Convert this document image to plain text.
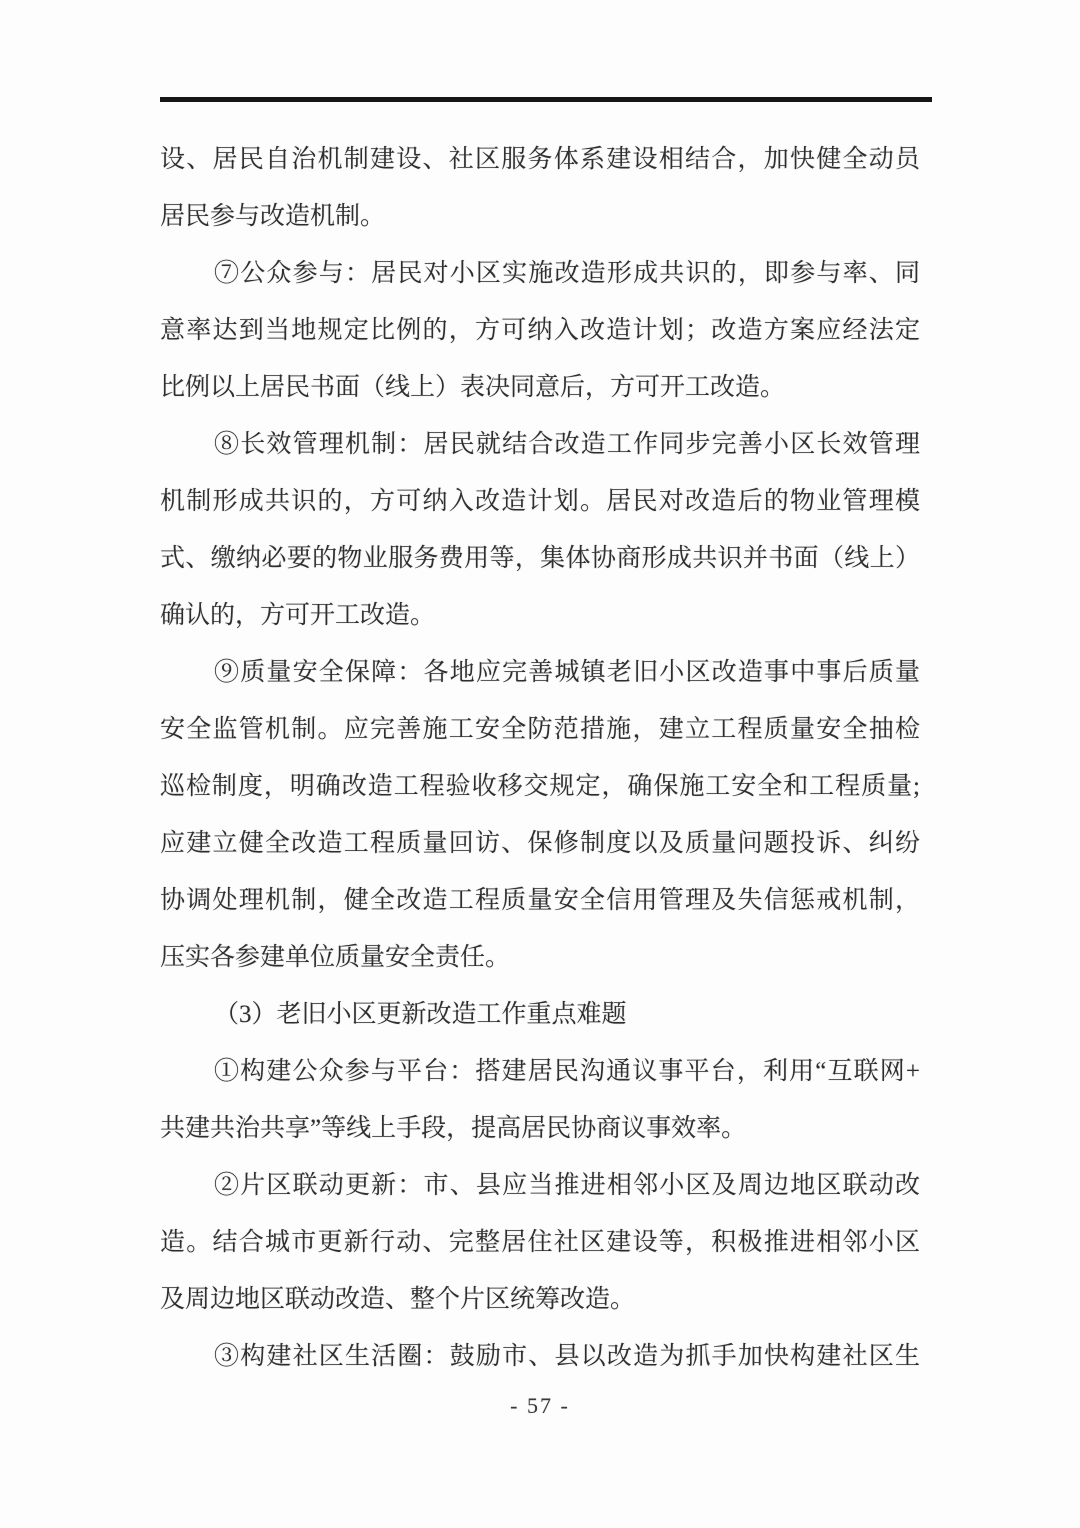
设、居民自治机制建设、社区服务体系建设相结合，加快健全动员
居民参与改造机制。
⑦公众参与：居民对小区实施改造形成共识的，即参与率、同
意率达到当地规定比例的，方可纳入改造计划；改造方案应经法定
比例以上居民书面（线上）表决同意后，方可开工改造。
⑧长效管理机制：居民就结合改造工作同步完善小区长效管理
机制形成共识的，方可纳入改造计划。居民对改造后的物业管理模
式、缴纳必要的物业服务费用等，集体协商形成共识并书面（线上）
确认的，方可开工改造。
⑨质量安全保障：各地应完善城镇老旧小区改造事中事后质量
安全监管机制。应完善施工安全防范措施，建立工程质量安全抽检
巡检制度，明确改造工程验收移交规定，确保施工安全和工程质量;
应建立健全改造工程质量回访、保修制度以及质量问题投诉、纠纷
协调处理机制，健全改造工程质量安全信用管理及失信惩戒机制，
压实各参建单位质量安全责任。
（3）老旧小区更新改造工作重点难题
①构建公众参与平台：搭建居民沟通议事平台，利用“互联网+
共建共治共享”等线上手段，提高居民协商议事效率。
②片区联动更新：市、县应当推进相邻小区及周边地区联动改
造。结合城市更新行动、完整居住社区建设等，积极推进相邻小区
及周边地区联动改造、整个片区统筹改造。
③构建社区生活圈：鼓励市、县以改造为抓手加快构建社区生
- 57 -
